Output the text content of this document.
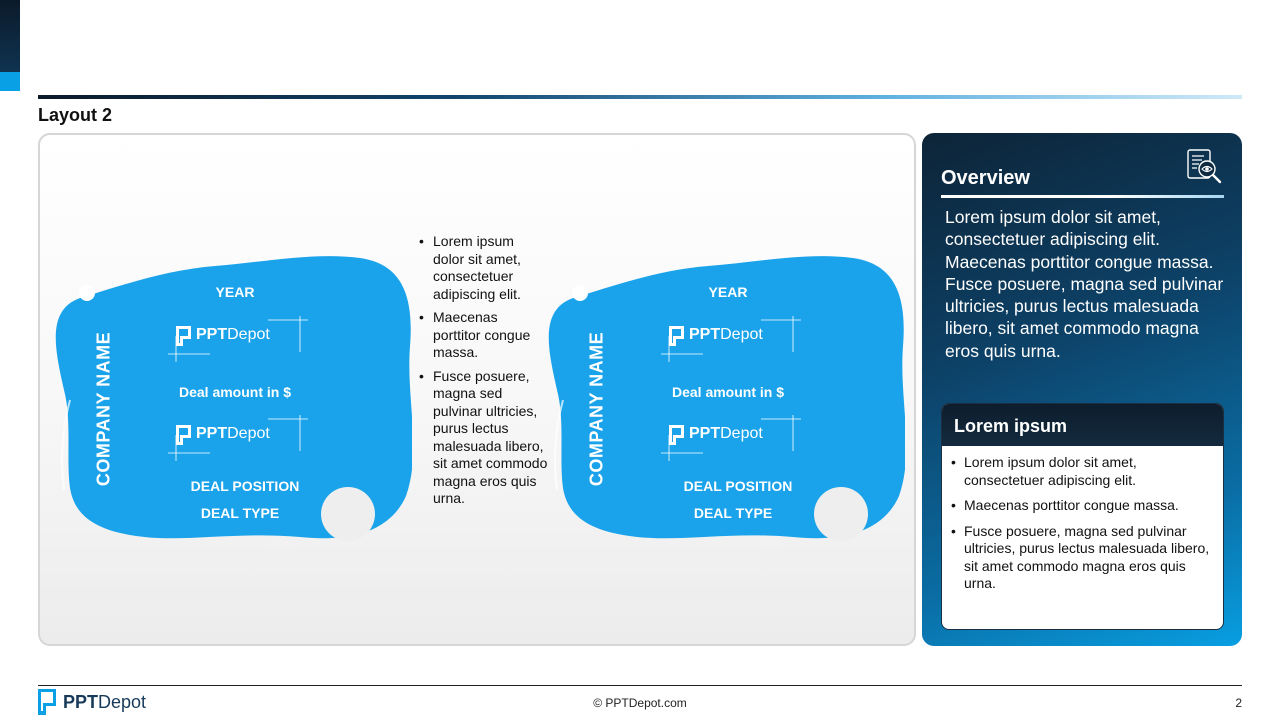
Layout 2
YEAR
COMPANY NAME	PPTDepot
Deal amount in $
PPTDepot
DEAL POSITION
DEAL TYPE
• Lorem ipsum dolor sit amet, consectetuer adipiscing elit.
• Maecenas porttitor congue massa.
• Fusce posuere, magna sed pulvinar ultricies, purus lectus malesuada libero, sit amet commodo magna eros quis urna.
YEAR
COMPANY NAME	PPTDepot
Deal amount in $
PPTDepot
DEAL POSITION
DEAL TYPE
Overview
Lorem ipsum dolor sit amet, consectetuer adipiscing elit. Maecenas porttitor congue massa. Fusce posuere, magna sed pulvinar ultricies, purus lectus malesuada libero, sit amet commodo magna eros quis urna.
Lorem ipsum
• Lorem ipsum dolor sit amet, consectetuer adipiscing elit.
• Maecenas porttitor congue massa.
• Fusce posuere, magna sed pulvinar ultricies, purus lectus malesuada libero, sit amet commodo magna eros quis urna.
PPTDepot	© PPTDepot.com	2
